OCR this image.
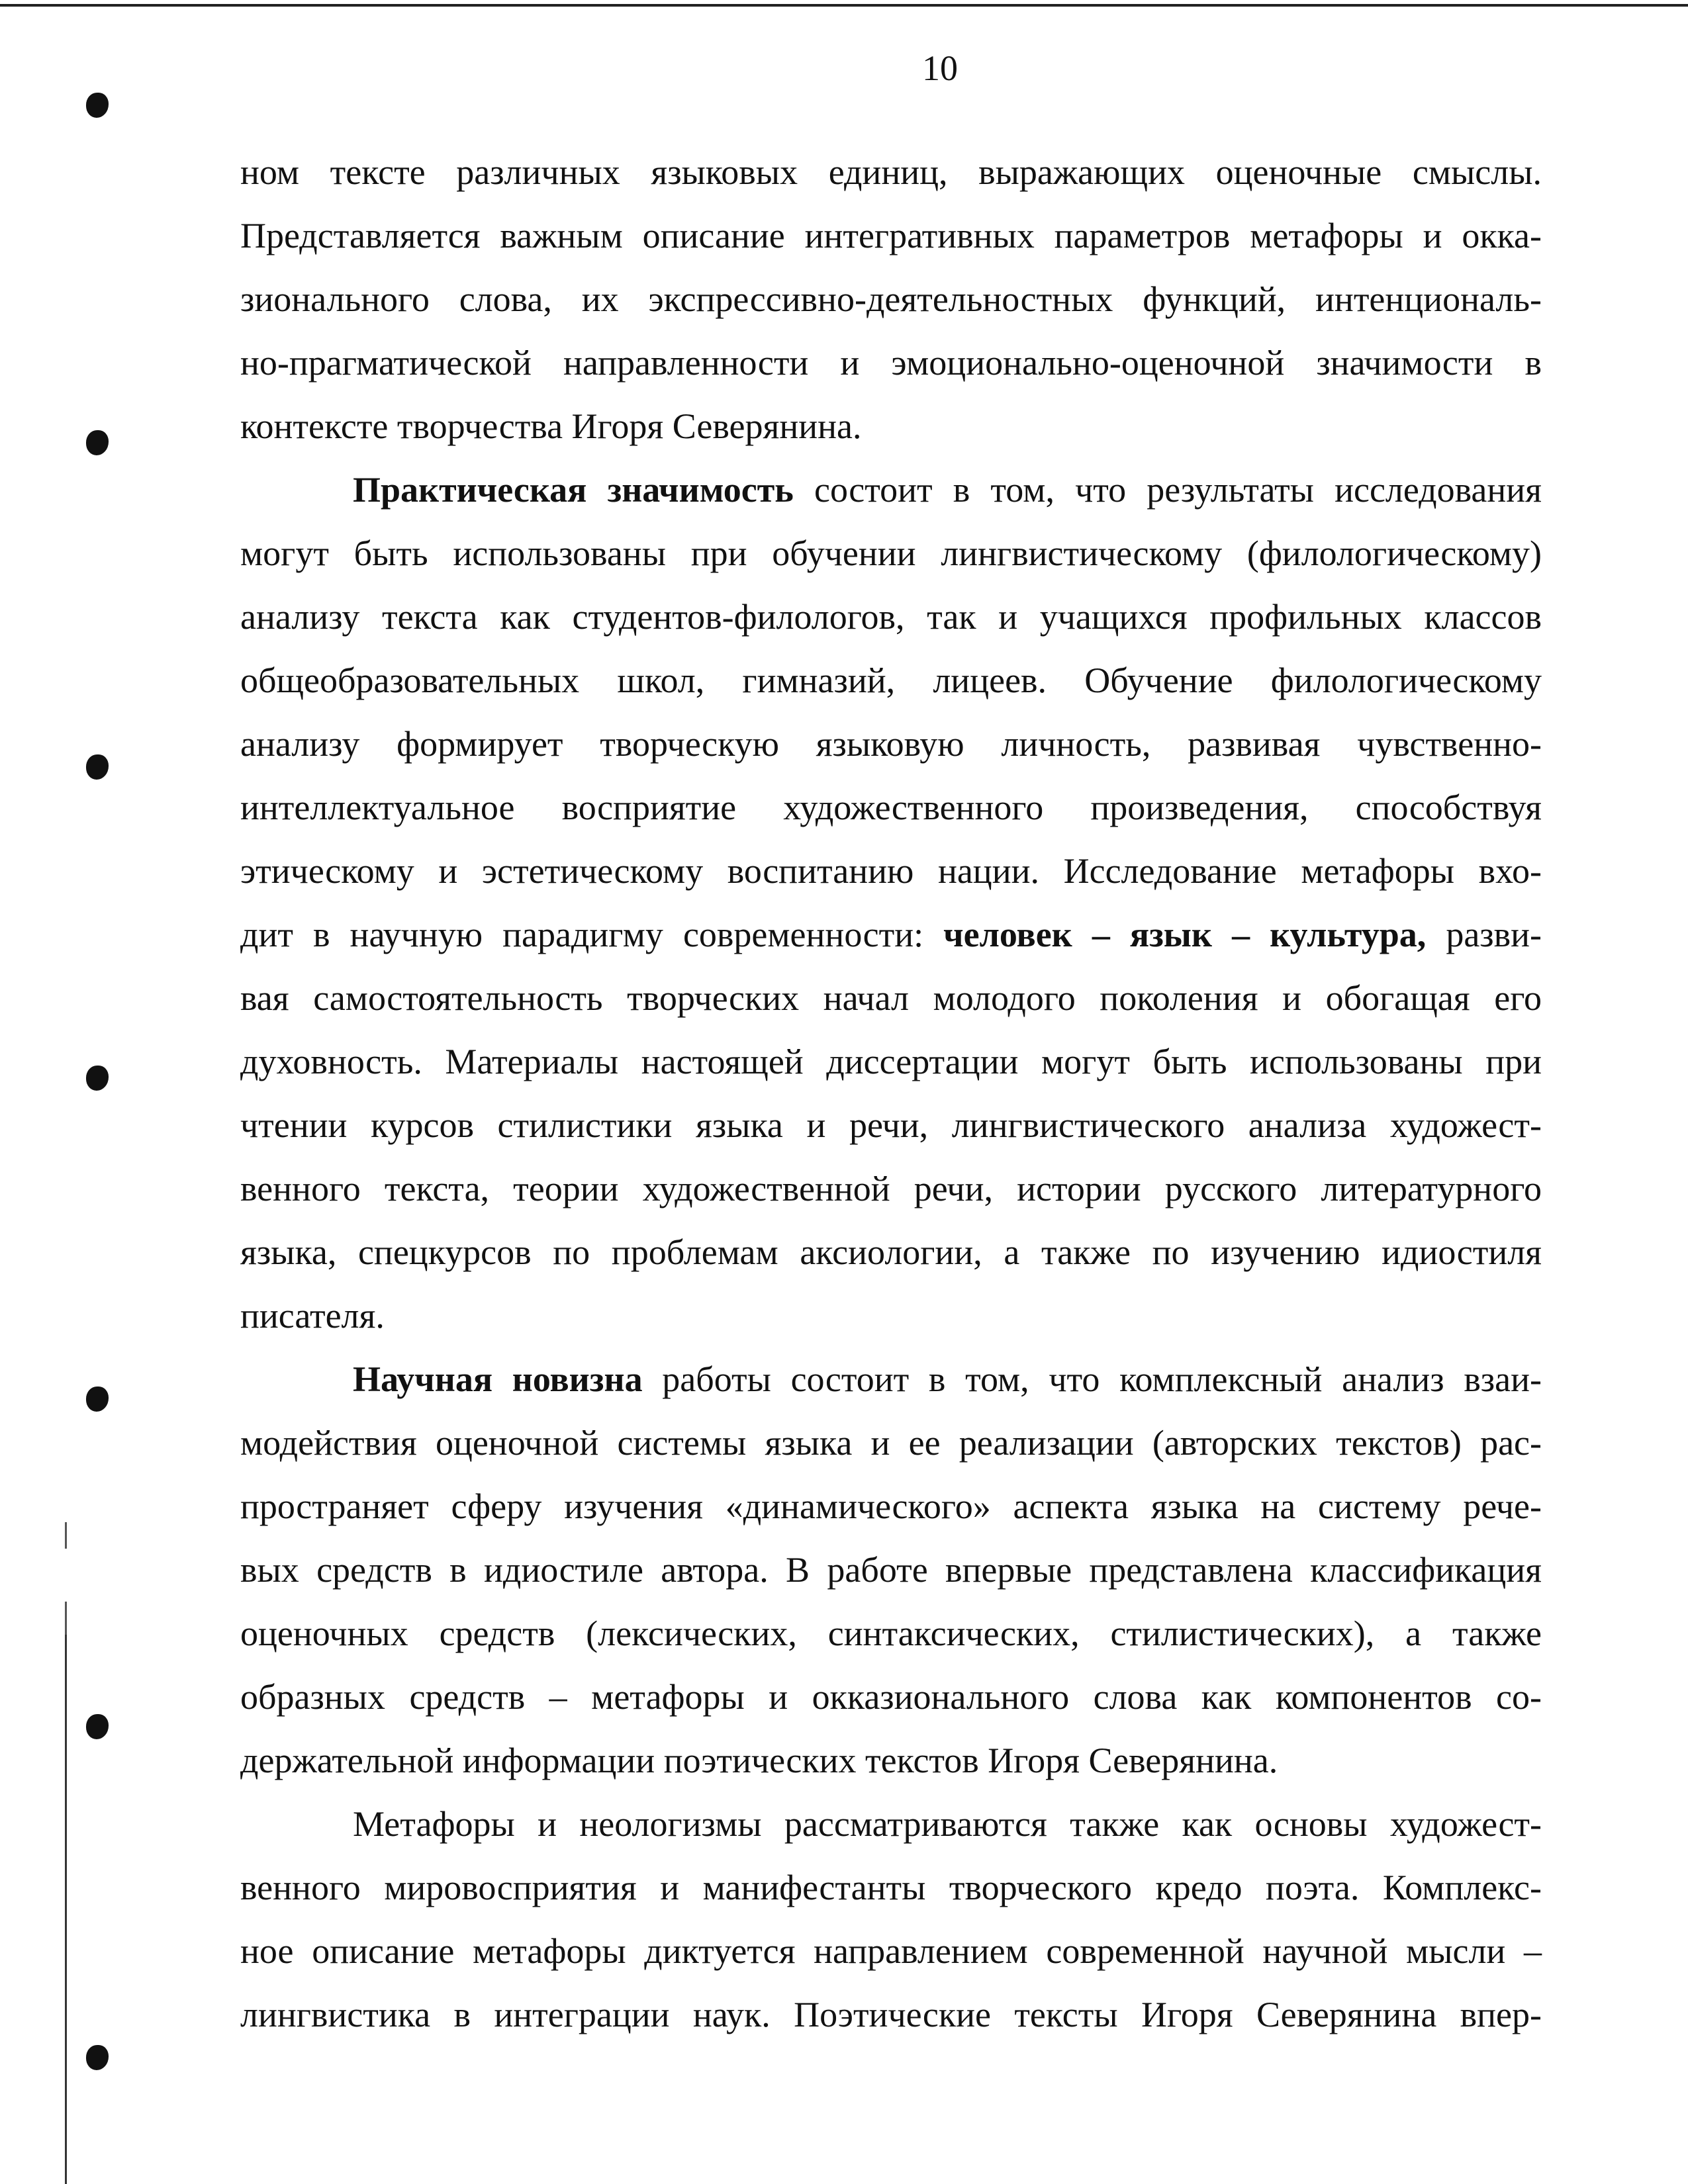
10
ном тексте различных языковых единиц, выражающих оценочные смыслы.
Представляется важным описание интегративных параметров метафоры и окка-
зионального слова, их экспрессивно-деятельностных функций, интенциональ-
но-прагматической направленности и эмоционально-оценочной значимости в
контексте творчества Игоря Северянина.
Практическая значимость состоит в том, что результаты исследования
могут быть использованы при обучении лингвистическому (филологическому)
анализу текста как студентов-филологов, так и учащихся профильных классов
общеобразовательных школ, гимназий, лицеев. Обучение филологическому
анализу формирует творческую языковую личность, развивая чувственно-
интеллектуальное восприятие художественного произведения, способствуя
этическому и эстетическому воспитанию нации. Исследование метафоры вхо-
дит в научную парадигму современности: человек – язык – культура, разви-
вая самостоятельность творческих начал молодого поколения и обогащая его
духовность. Материалы настоящей диссертации могут быть использованы при
чтении курсов стилистики языка и речи, лингвистического анализа художест-
венного текста, теории художественной речи, истории русского литературного
языка, спецкурсов по проблемам аксиологии, а также по изучению идиостиля
писателя.
Научная новизна работы состоит в том, что комплексный анализ взаи-
модействия оценочной системы языка и ее реализации (авторских текстов) рас-
пространяет сферу изучения «динамического» аспекта языка на систему рече-
вых средств в идиостиле автора. В работе впервые представлена классификация
оценочных средств (лексических, синтаксических, стилистических), а также
образных средств – метафоры и окказионального слова как компонентов со-
держательной информации поэтических текстов Игоря Северянина.
Метафоры и неологизмы рассматриваются также как основы художест-
венного мировосприятия и манифестанты творческого кредо поэта. Комплекс-
ное описание метафоры диктуется направлением современной научной мысли –
лингвистика в интеграции наук. Поэтические тексты Игоря Северянина впер-
